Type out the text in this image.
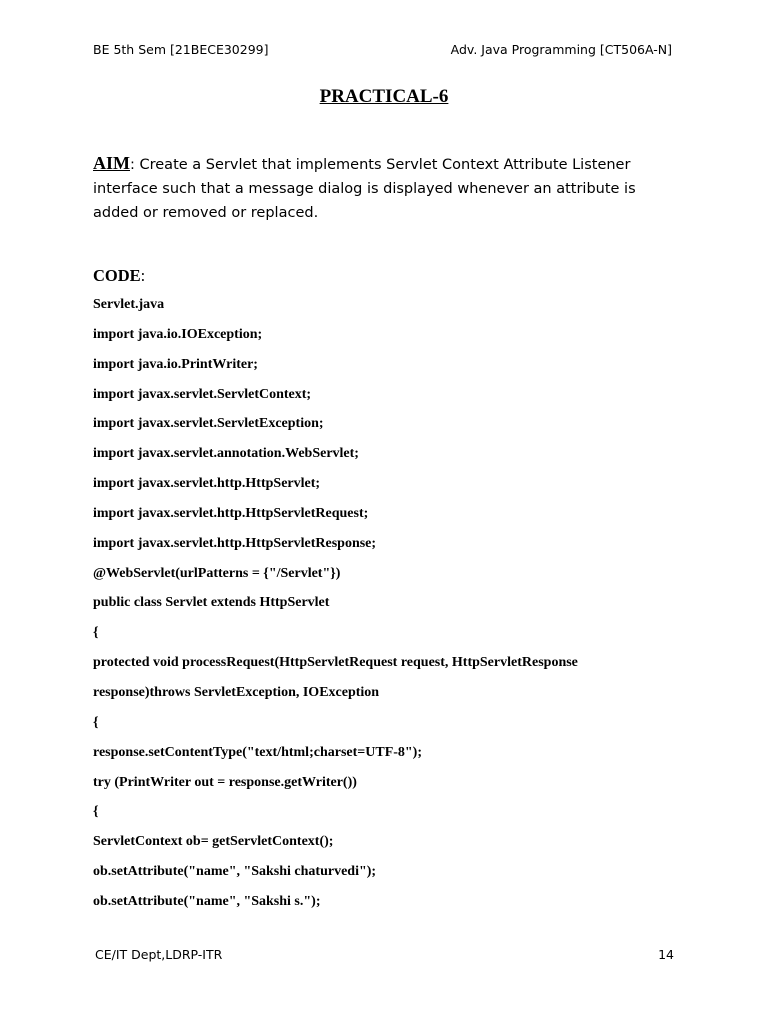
BE 5th Sem [21BECE30299]	Adv. Java Programming [CT506A-N]
PRACTICAL-6
AIM: Create a Servlet that implements Servlet Context Attribute Listener interface such that a message dialog is displayed whenever an attribute is added or removed or replaced.
CODE:
Servlet.java
import java.io.IOException;
import java.io.PrintWriter;
import javax.servlet.ServletContext;
import javax.servlet.ServletException;
import javax.servlet.annotation.WebServlet;
import javax.servlet.http.HttpServlet;
import javax.servlet.http.HttpServletRequest;
import javax.servlet.http.HttpServletResponse;
@WebServlet(urlPatterns = {"/Servlet"})
public class Servlet extends HttpServlet
{
protected void processRequest(HttpServletRequest request, HttpServletResponse
response)throws ServletException, IOException
{
response.setContentType("text/html;charset=UTF-8");
try (PrintWriter out = response.getWriter())
{
ServletContext ob= getServletContext();
ob.setAttribute("name", "Sakshi chaturvedi");
ob.setAttribute("name", "Sakshi s.");
CE/IT Dept,LDRP-ITR	14
